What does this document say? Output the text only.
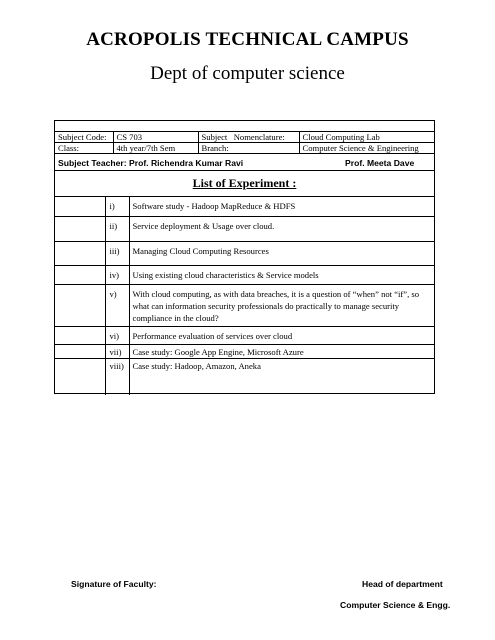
ACROPOLIS TECHNICAL CAMPUS
Dept of computer science
Subject Code:	CS 703	Subject   Nomenclature:	Cloud Computing Lab
Class:	4th year/7th Sem	Branch:	Computer Science & Engineering
Subject Teacher: Prof. Richendra Kumar Ravi	Prof. Meeta Dave
List of Experiment :
	i)	Software study - Hadoop MapReduce & HDFS
	ii)	Service deployment & Usage over cloud.
	iii)	Managing Cloud Computing Resources
	iv)	Using existing cloud characteristics & Service models
	v)	With cloud computing, as with data breaches, it is a question of “when” not “if”, so what can information security professionals do practically to manage security compliance in the cloud?
	vi)	Performance evaluation of services over cloud
	vii)	Case study: Google App Engine, Microsoft Azure
	viii)	Case study: Hadoop, Amazon, Aneka
Signature of Faculty:	Head of department
Computer Science & Engg.
